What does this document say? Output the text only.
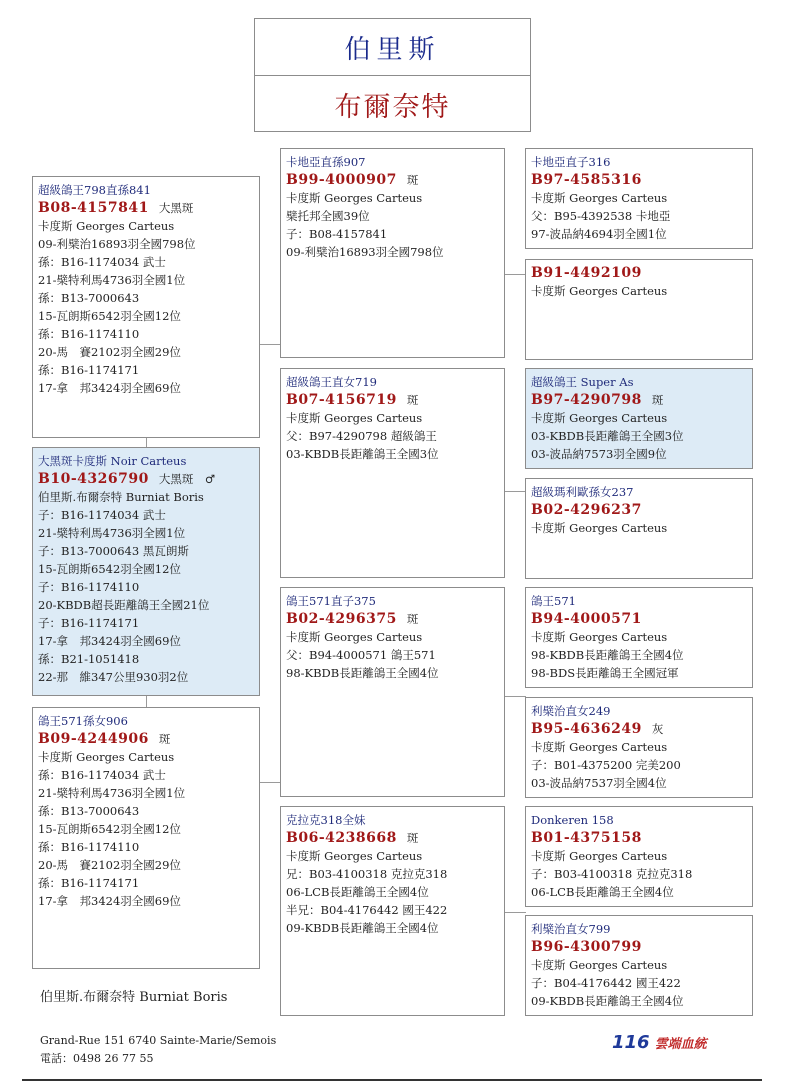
伯里斯
布爾奈特
超級鴿王798直孫841
B08-4157841 大黑斑
卡度斯 Georges Carteus
09-利檗治16893羽全國798位
孫：B16-1174034 武士
21-檗特利馬4736羽全國1位
孫：B13-7000643
15-瓦朗斯6542羽全國12位
孫：B16-1174110
20-馬　賽2102羽全國29位
孫：B16-1174171
17-拿　邦3424羽全國69位
大黑斑卡度斯 Noir Carteus
B10-4326790 大黑斑　♂
伯里斯.布爾奈特 Burniat Boris
子：B16-1174034 武士
21-檗特利馬4736羽全國1位
子：B13-7000643 黑瓦朗斯
15-瓦朗斯6542羽全國12位
子：B16-1174110
20-KBDB超長距離鴿王全國21位
子：B16-1174171
17-拿　邦3424羽全國69位
孫：B21-1051418
22-那　維347公里930羽2位
鴿王571孫女906
B09-4244906 斑
卡度斯 Georges Carteus
孫：B16-1174034 武士
21-檗特利馬4736羽全國1位
孫：B13-7000643
15-瓦朗斯6542羽全國12位
孫：B16-1174110
20-馬　賽2102羽全國29位
孫：B16-1174171
17-拿　邦3424羽全國69位
卡地亞直孫907
B99-4000907 斑
卡度斯 Georges Carteus
檗托邦全國39位
子：B08-4157841
09-利檗治16893羽全國798位
超級鴿王直女719
B07-4156719 斑
卡度斯 Georges Carteus
父：B97-4290798 超級鴿王
03-KBDB長距離鴿王全國3位
鴿王571直子375
B02-4296375 斑
卡度斯 Georges Carteus
父：B94-4000571 鴿王571
98-KBDB長距離鴿王全國4位
克拉克318全妹
B06-4238668 斑
卡度斯 Georges Carteus
兄：B03-4100318 克拉克318
06-LCB長距離鴿王全國4位
半兄：B04-4176442 國王422
09-KBDB長距離鴿王全國4位
卡地亞直子316
B97-4585316
卡度斯 Georges Carteus
父：B95-4392538 卡地亞
97-波品納4694羽全國1位
B91-4492109
卡度斯 Georges Carteus
超級鴿王 Super As
B97-4290798 斑
卡度斯 Georges Carteus
03-KBDB長距離鴿王全國3位
03-波品納7573羽全國9位
超級瑪利歐孫女237
B02-4296237
卡度斯 Georges Carteus
鴿王571
B94-4000571
卡度斯 Georges Carteus
98-KBDB長距離鴿王全國4位
98-BDS長距離鴿王全國冠軍
利檗治直女249
B95-4636249 灰
卡度斯 Georges Carteus
子：B01-4375200 完美200
03-波品納7537羽全國4位
Donkeren 158
B01-4375158
卡度斯 Georges Carteus
子：B03-4100318 克拉克318
06-LCB長距離鴿王全國4位
利檗治直女799
B96-4300799
卡度斯 Georges Carteus
子：B04-4176442 國王422
09-KBDB長距離鴿王全國4位
伯里斯.布爾奈特 Burniat Boris
Grand-Rue 151 6740 Sainte-Marie/Semois
電話：0498 26 77 55
116 雲端血統
